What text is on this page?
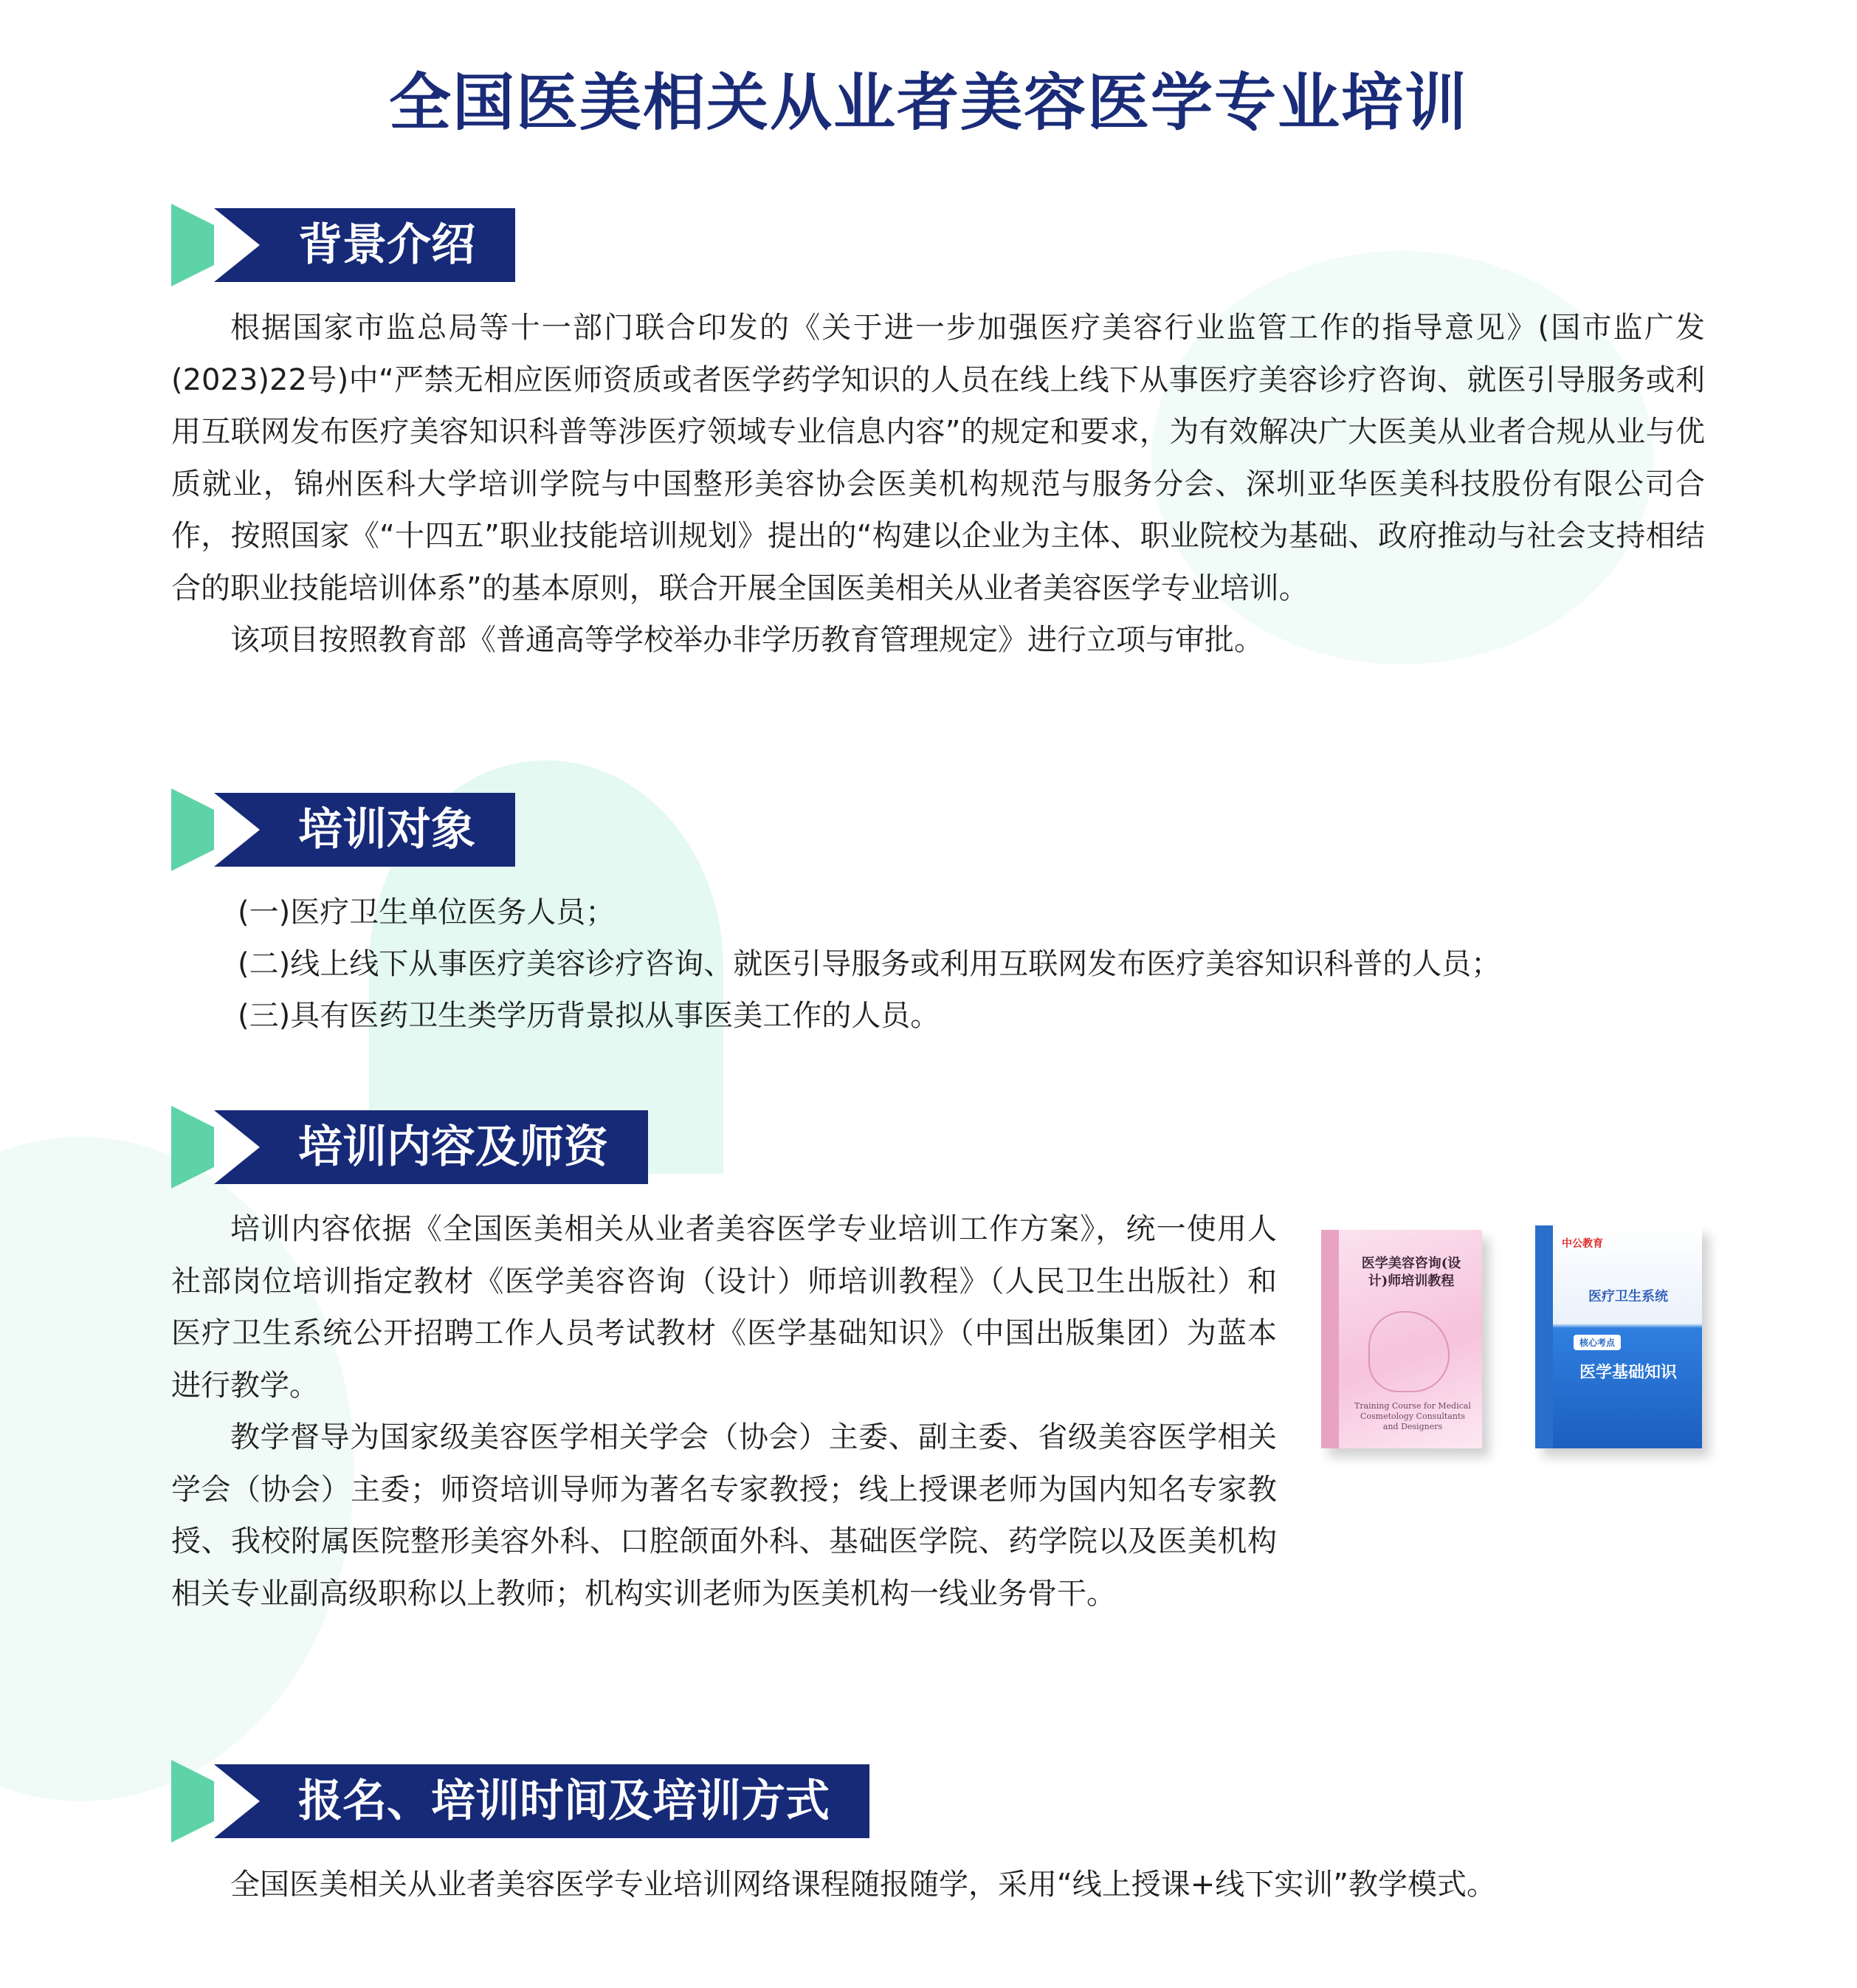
全国医美相关从业者美容医学专业培训
背景介绍

根据国家市监总局等十一部门联合印发的《关于进一步加强医疗美容行业监管工作的指导意见》(国市监广发(2023)22号)中“严禁无相应医师资质或者医学药学知识的人员在线上线下从事医疗美容诊疗咨询、就医引导服务或利用互联网发布医疗美容知识科普等涉医疗领域专业信息内容”的规定和要求，为有效解决广大医美从业者合规从业与优质就业，锦州医科大学培训学院与中国整形美容协会医美机构规范与服务分会、深圳亚华医美科技股份有限公司合作，按照国家《“十四五”职业技能培训规划》提出的“构建以企业为主体、职业院校为基础、政府推动与社会支持相结合的职业技能培训体系”的基本原则，联合开展全国医美相关从业者美容医学专业培训。

该项目按照教育部《普通高等学校举办非学历教育管理规定》进行立项与审批。

培训对象
(一)医疗卫生单位医务人员；
(二)线上线下从事医疗美容诊疗咨询、就医引导服务或利用互联网发布医疗美容知识科普的人员；
(三)具有医药卫生类学历背景拟从事医美工作的人员。
培训内容及师资

培训内容依据《全国医美相关从业者美容医学专业培训工作方案》，统一使用人社部岗位培训指定教材《医学美容咨询（设计）师培训教程》（人民卫生出版社）和医疗卫生系统公开招聘工作人员考试教材《医学基础知识》（中国出版集团）为蓝本进行教学。

教学督导为国家级美容医学相关学会（协会）主委、副主委、省级美容医学相关学会（协会）主委；师资培训导师为著名专家教授；线上授课老师为国内知名专家教授、我校附属医院整形美容外科、口腔颌面外科、基础医学院、药学院以及医美机构相关专业副高级职称以上教师；机构实训老师为医美机构一线业务骨干。

医学美容咨询(设计)师培训教程
Training Course for Medical Cosmetology Consultants and Designers
中公教育
医疗卫生系统
核心考点
医学基础知识
报名、培训时间及培训方式

全国医美相关从业者美容医学专业培训网络课程随报随学，采用“线上授课+线下实训”教学模式。
